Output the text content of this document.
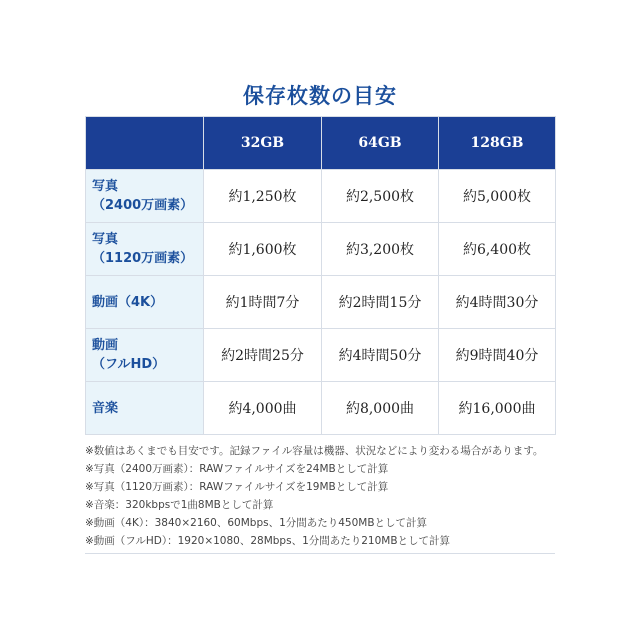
保存枚数の目安
	32GB	64GB	128GB

写真
（2400万画素）	約1,250枚	約2,500枚	約5,000枚

写真
（1120万画素）	約1,600枚	約3,200枚	約6,400枚

動画（4K）	約1時間7分	約2時間15分	約4時間30分

動画
（フルHD）	約2時間25分	約4時間50分	約9時間40分

音楽	約4,000曲	約8,000曲	約16,000曲
※数値はあくまでも目安です。記録ファイル容量は機器、状況などにより変わる場合があります。
※写真（2400万画素）：RAWファイルサイズを24MBとして計算
※写真（1120万画素）：RAWファイルサイズを19MBとして計算
※音楽：320kbpsで1曲8MBとして計算
※動画（4K）：3840×2160、60Mbps、1分間あたり450MBとして計算
※動画（フルHD）：1920×1080、28Mbps、1分間あたり210MBとして計算
